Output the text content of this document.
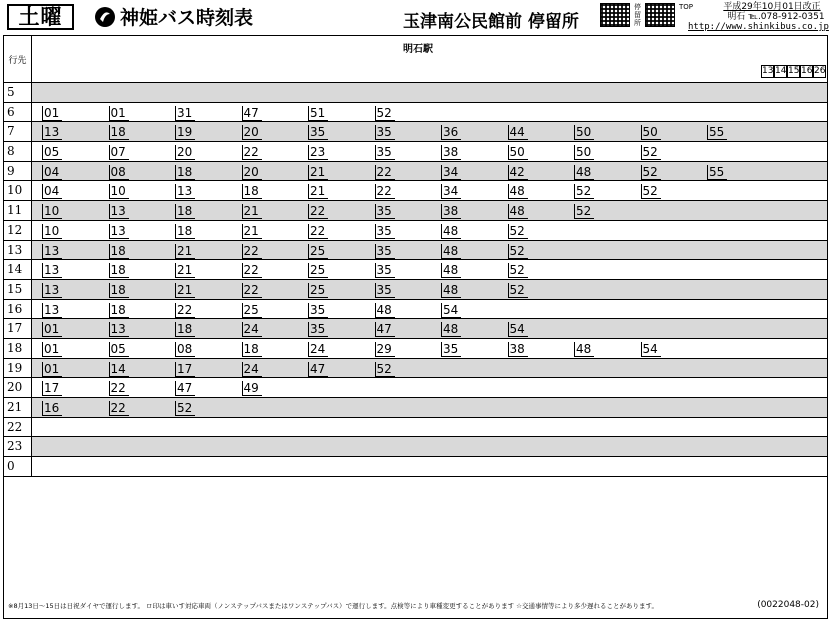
土曜	神姫バス時刻表	玉津南公民館前 停留所
停留所
TOP	平成29年10月01日改正
明石 ℡.078-912-0351
http://www.shinkibus.co.jp
行先
明石駅
13 14 15 16 26
5
6	01	01	31	47	51	52
7	13	18	19	20	35	35	36	44	50	50	55
8	05	07	20	22	23	35	38	50	50	52
9	04	08	18	20	21	22	34	42	48	52	55
10	04	10	13	18	21	22	34	48	52	52
11	10	13	18	21	22	35	38	48	52
12	10	13	18	21	22	35	48	52
13	13	18	21	22	25	35	48	52
14	13	18	21	22	25	35	48	52
15	13	18	21	22	25	35	48	52
16	13	18	22	25	35	48	54
17	01	13	18	24	35	47	48	54
18	01	05	08	18	24	29	35	38	48	54
19	01	14	17	24	47	52
20	17	22	47	49
21	16	22	52
22
23
0
※8月13日～15日は日祝ダイヤで運行します。 ロ印は車いす対応車両（ノンステップバスまたはワンステップバス）で運行します。点検等により車種変更することがあります ☆交通事情等により多少遅れることがあります。	(0022048-02)
